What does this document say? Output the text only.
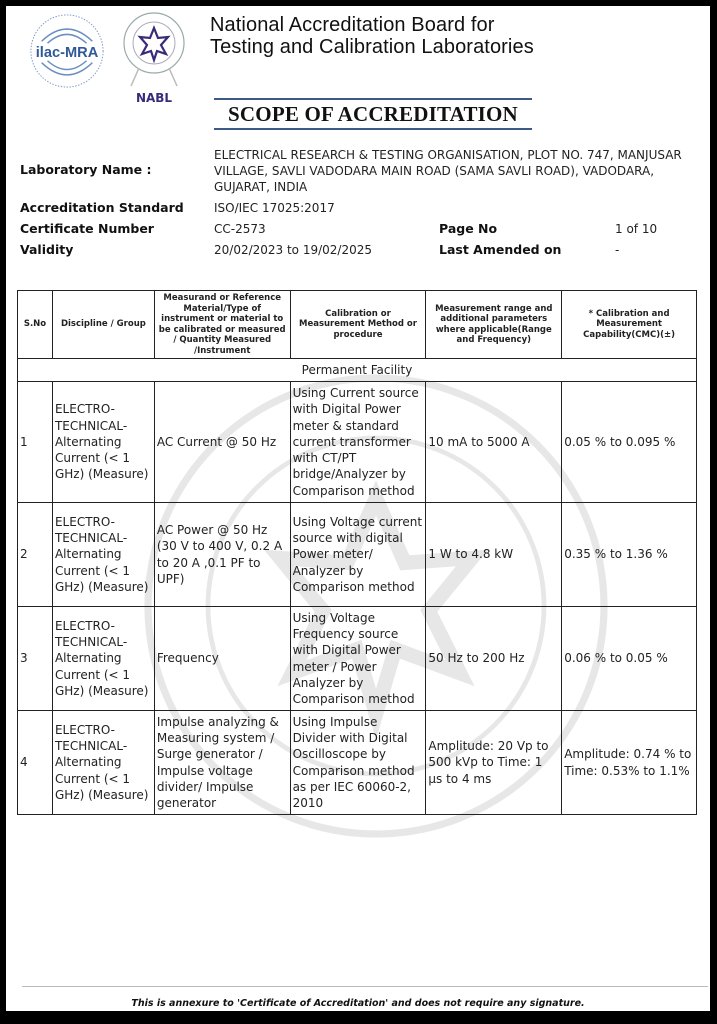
ilac-MRA
NABL
National Accreditation Board for
Testing and Calibration Laboratories
SCOPE OF ACCREDITATION
Laboratory Name :
ELECTRICAL RESEARCH & TESTING ORGANISATION, PLOT NO. 747, MANJUSAR
VILLAGE, SAVLI VADODARA MAIN ROAD (SAMA SAVLI ROAD), VADODARA,
GUJARAT, INDIA
Accreditation Standard	ISO/IEC 17025:2017
Certificate Number	CC-2573	Page No	1 of 10
Validity	20/02/2023 to 19/02/2025	Last Amended on	-
S.No	Discipline / Group	Measurand or Reference Material/Type of instrument or material to be calibrated or measured / Quantity Measured /Instrument	Calibration or Measurement Method or procedure	Measurement range and additional parameters where applicable(Range and Frequency)	* Calibration and Measurement Capability(CMC)(±)
Permanent Facility					
1	ELECTRO-TECHNICAL-Alternating Current (< 1 GHz) (Measure)	AC Current @ 50 Hz	Using Current source with Digital Power meter & standard current transformer with CT/PT bridge/Analyzer by Comparison method	10 mA to 5000 A	0.05 % to 0.095 %
2	ELECTRO-TECHNICAL-Alternating Current (< 1 GHz) (Measure)	AC Power @ 50 Hz (30 V to 400 V, 0.2 A to 20 A ,0.1 PF to UPF)	Using Voltage current source with digital Power meter/ Analyzer by Comparison method	1 W to 4.8 kW	0.35 % to 1.36 %
3	ELECTRO-TECHNICAL-Alternating Current (< 1 GHz) (Measure)	Frequency	Using Voltage Frequency source with Digital Power meter / Power Analyzer by Comparison method	50 Hz to 200 Hz	0.06 % to 0.05 %
4	ELECTRO-TECHNICAL-Alternating Current (< 1 GHz) (Measure)	Impulse analyzing & Measuring system / Surge generator / Impulse voltage divider/ Impulse generator	Using Impulse Divider with Digital Oscilloscope by Comparison method as per IEC 60060-2, 2010	Amplitude: 20 Vp to 500 kVp to Time: 1 µs to 4 ms	Amplitude: 0.74 % to Time: 0.53% to 1.1%
This is annexure to 'Certificate of Accreditation' and does not require any signature.
